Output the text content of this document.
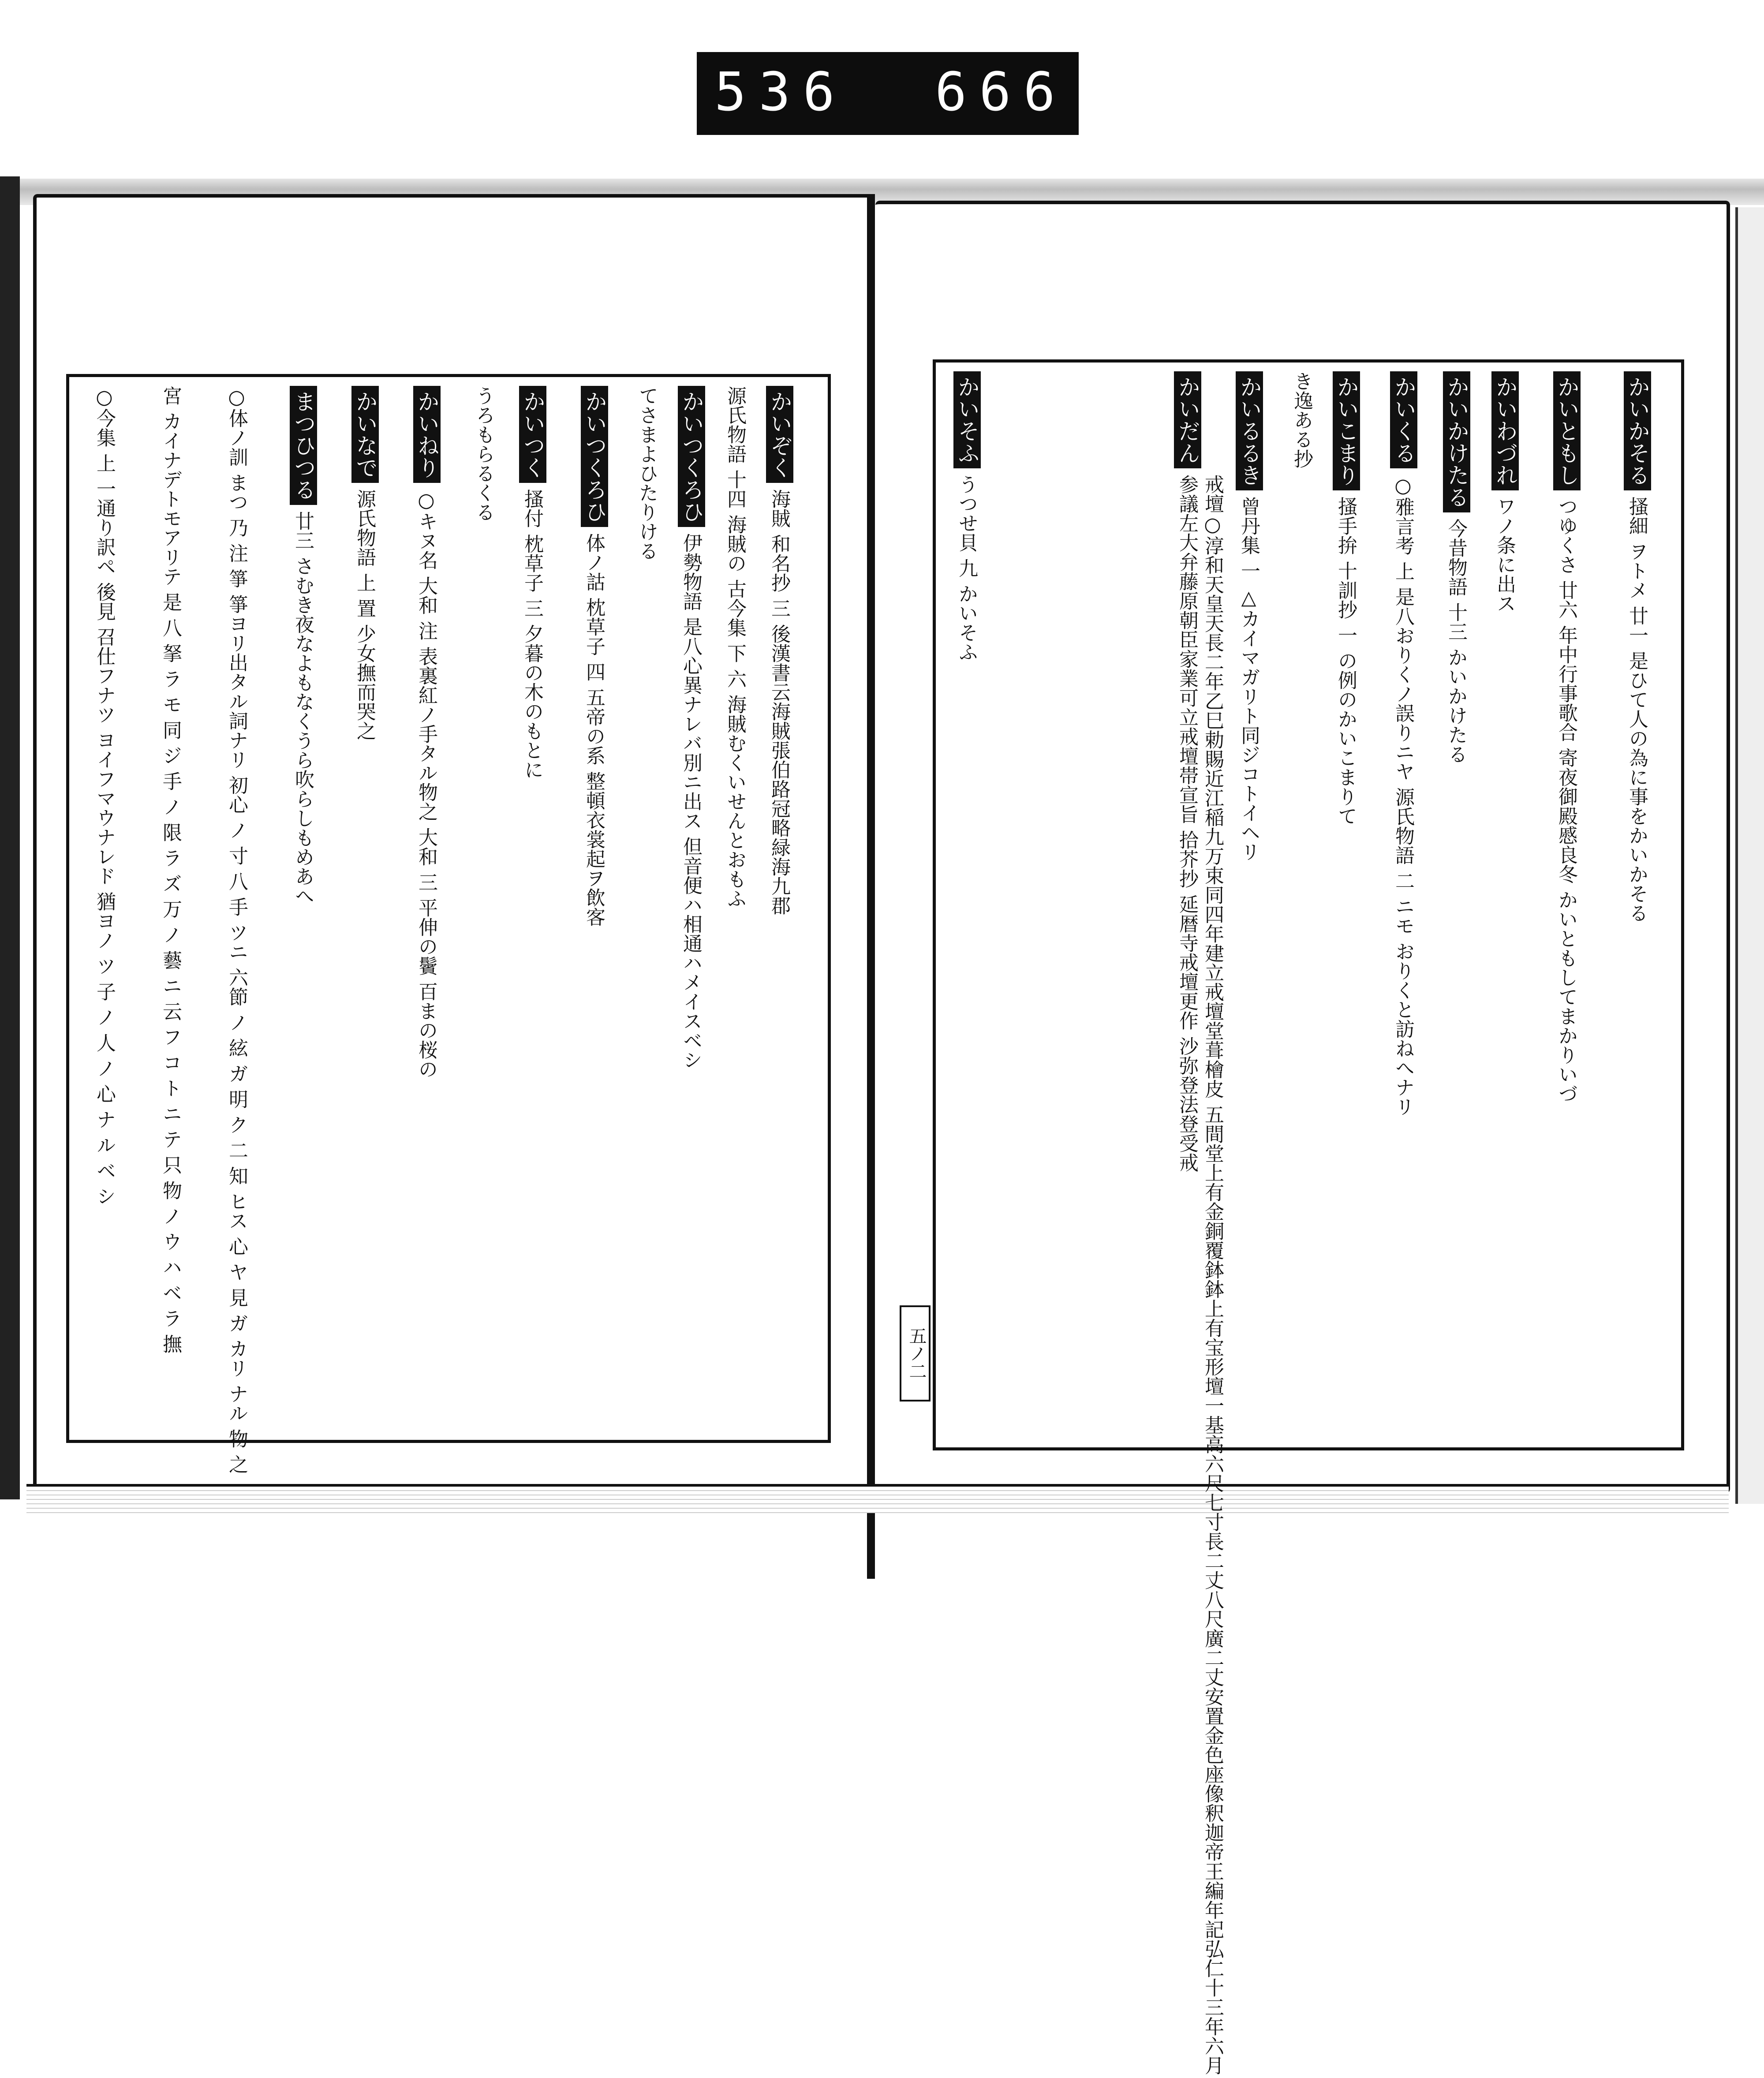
536 666.
かいぞく
海賊 和名抄 三 後漢書云海賊張伯路冠略緑海九郡
源氏物語 十四 海賊の 古今集 下 六 海賊むくいせんとおもふ
かいつくろひ
伊勢物語 是八心異ナレバ別ニ出ス 但音便ハ相通ハメイスベシ
てさまよひたりける
かいつくろひ
体ノ詁 枕草子 四 五帝の系 整頓衣裳起ヲ飲客
かいつく
搔付 枕草子 三 夕暮の木のもとに
うろもらるくる
かいねり
○キヌ名 大和 注 表裏紅ノ手タル物之 大和 三 平伸の鬢 百まの桜の
かいなで
源氏物語 上 置 少女撫而哭之
まつひつる
廿三 さむき夜なよもなくうら吹らしもめあへ
○体ノ訓 まつ 乃 注 箏 箏ヨリ出タル詞ナリ 初心 ノ 寸 八 手 ツニ 六節 ノ 絃 ガ 明 ク 二 知 ヒス 心 ヤ 見 ガ カリ ナル 物 之
宮 カイナデトモアリテ 是 八 拏 ラ モ 同 ジ 手 ノ 限 ラ ズ 万 ノ 藝 ニ 云 フ コ ト ニ テ 只 物 ノ ウ ハ ベ ラ 撫
○今集 上 一通り訳ペ 後見 召仕フナツ ヨイフマウナレド 猶ヨノ ツ 子 ノ 人 ノ 心 ナ ル ベ シ	かいかそる
搔細 ヲトメ 廿一 是ひて人の為に事をかいかそる
かいともし
つゆくさ 廿六 年中行事歌合 寄夜御殿慼良冬 かいともしてまかりいづ
かいわづれ
ワノ条に出ス
かいかけたる
今昔物語 十三 かいかけたる
かいくる
○雅言考 上 是八おりくノ誤りニヤ 源氏物語 二 ニモ おりくと訪ねへナリ
かいこまり
搔手拚 十訓抄 一 の例のかいこまりて
き逸ある抄
かいるるき
曾丹集 一 △カイマガリト同ジコトイヘリ
かいだん
戒壇○淳和天皇天長二年乙巳勅賜近江稲九万束同四年建立戒壇堂葺檜皮 五間堂上有金銅覆鉢鉢上有宝形壇一基高六尺七寸長二丈八尺廣二丈安置金色座像釈迦帝王編年記弘仁十三年六月参議左大弁藤原朝臣家業可立戒壇帯宣旨 拾芥抄 延暦寺戒壇更作 沙弥登法登受戒
かいそふ
うつせ貝 九 かいそふ
五ノ二
